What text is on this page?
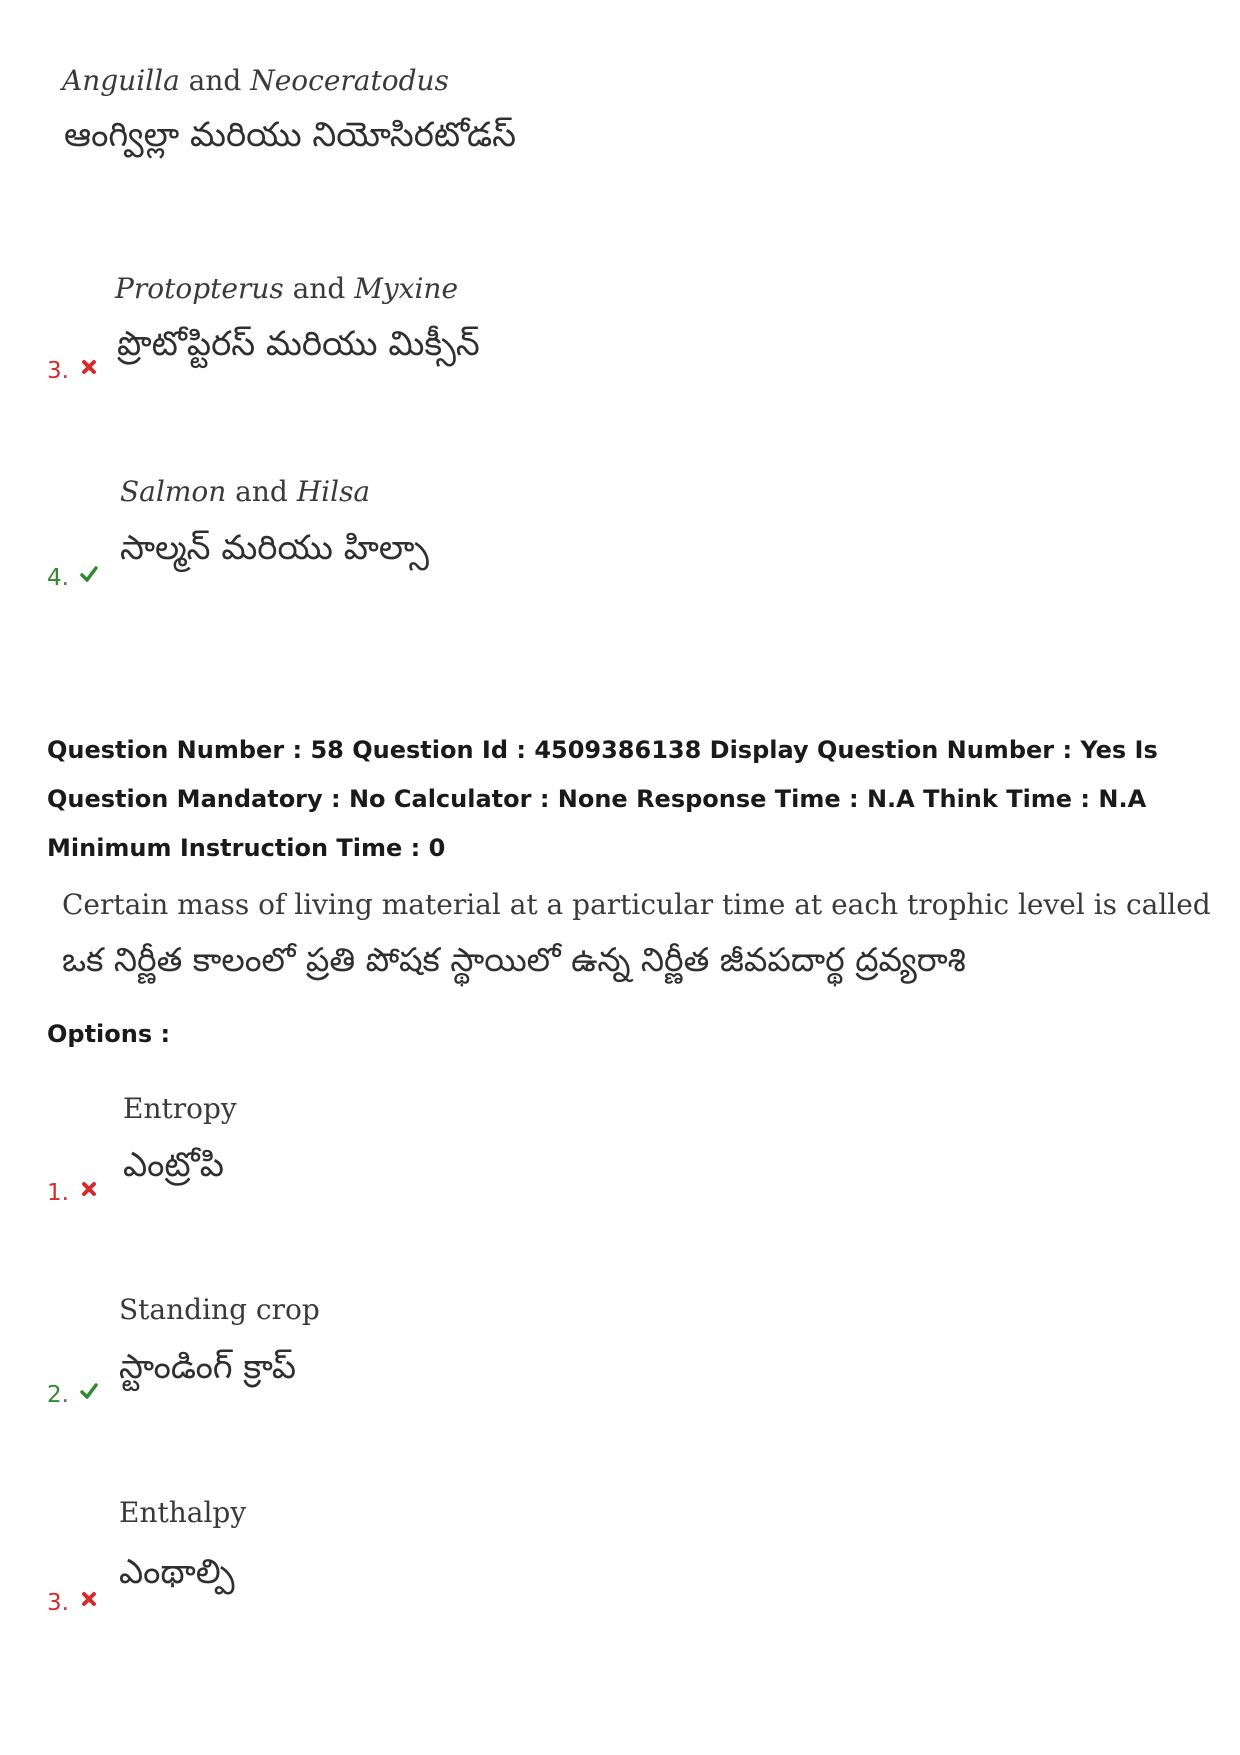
Anguilla and Neoceratodus
ఆంగ్విల్లా మరియు నియోసిరటోడస్
Protopterus and Myxine
ప్రొటోప్టిరస్ మరియు మిక్సీన్
3.
Salmon and Hilsa
సాల్మన్ మరియు హిల్సా
4.
Question Number : 58 Question Id : 4509386138 Display Question Number : Yes Is Question Mandatory : No Calculator : None Response Time : N.A Think Time : N.A Minimum Instruction Time : 0
Certain mass of living material at a particular time at each trophic level is called
ఒక నిర్ణీత కాలంలో ప్రతి పోషక స్థాయిలో ఉన్న నిర్ణీత జీవపదార్థ ద్రవ్యరాశి
Options :
Entropy
ఎంట్రోపి
1.
Standing crop
స్టాండింగ్ క్రాప్
2.
Enthalpy
ఎంథాల్పి
3.
